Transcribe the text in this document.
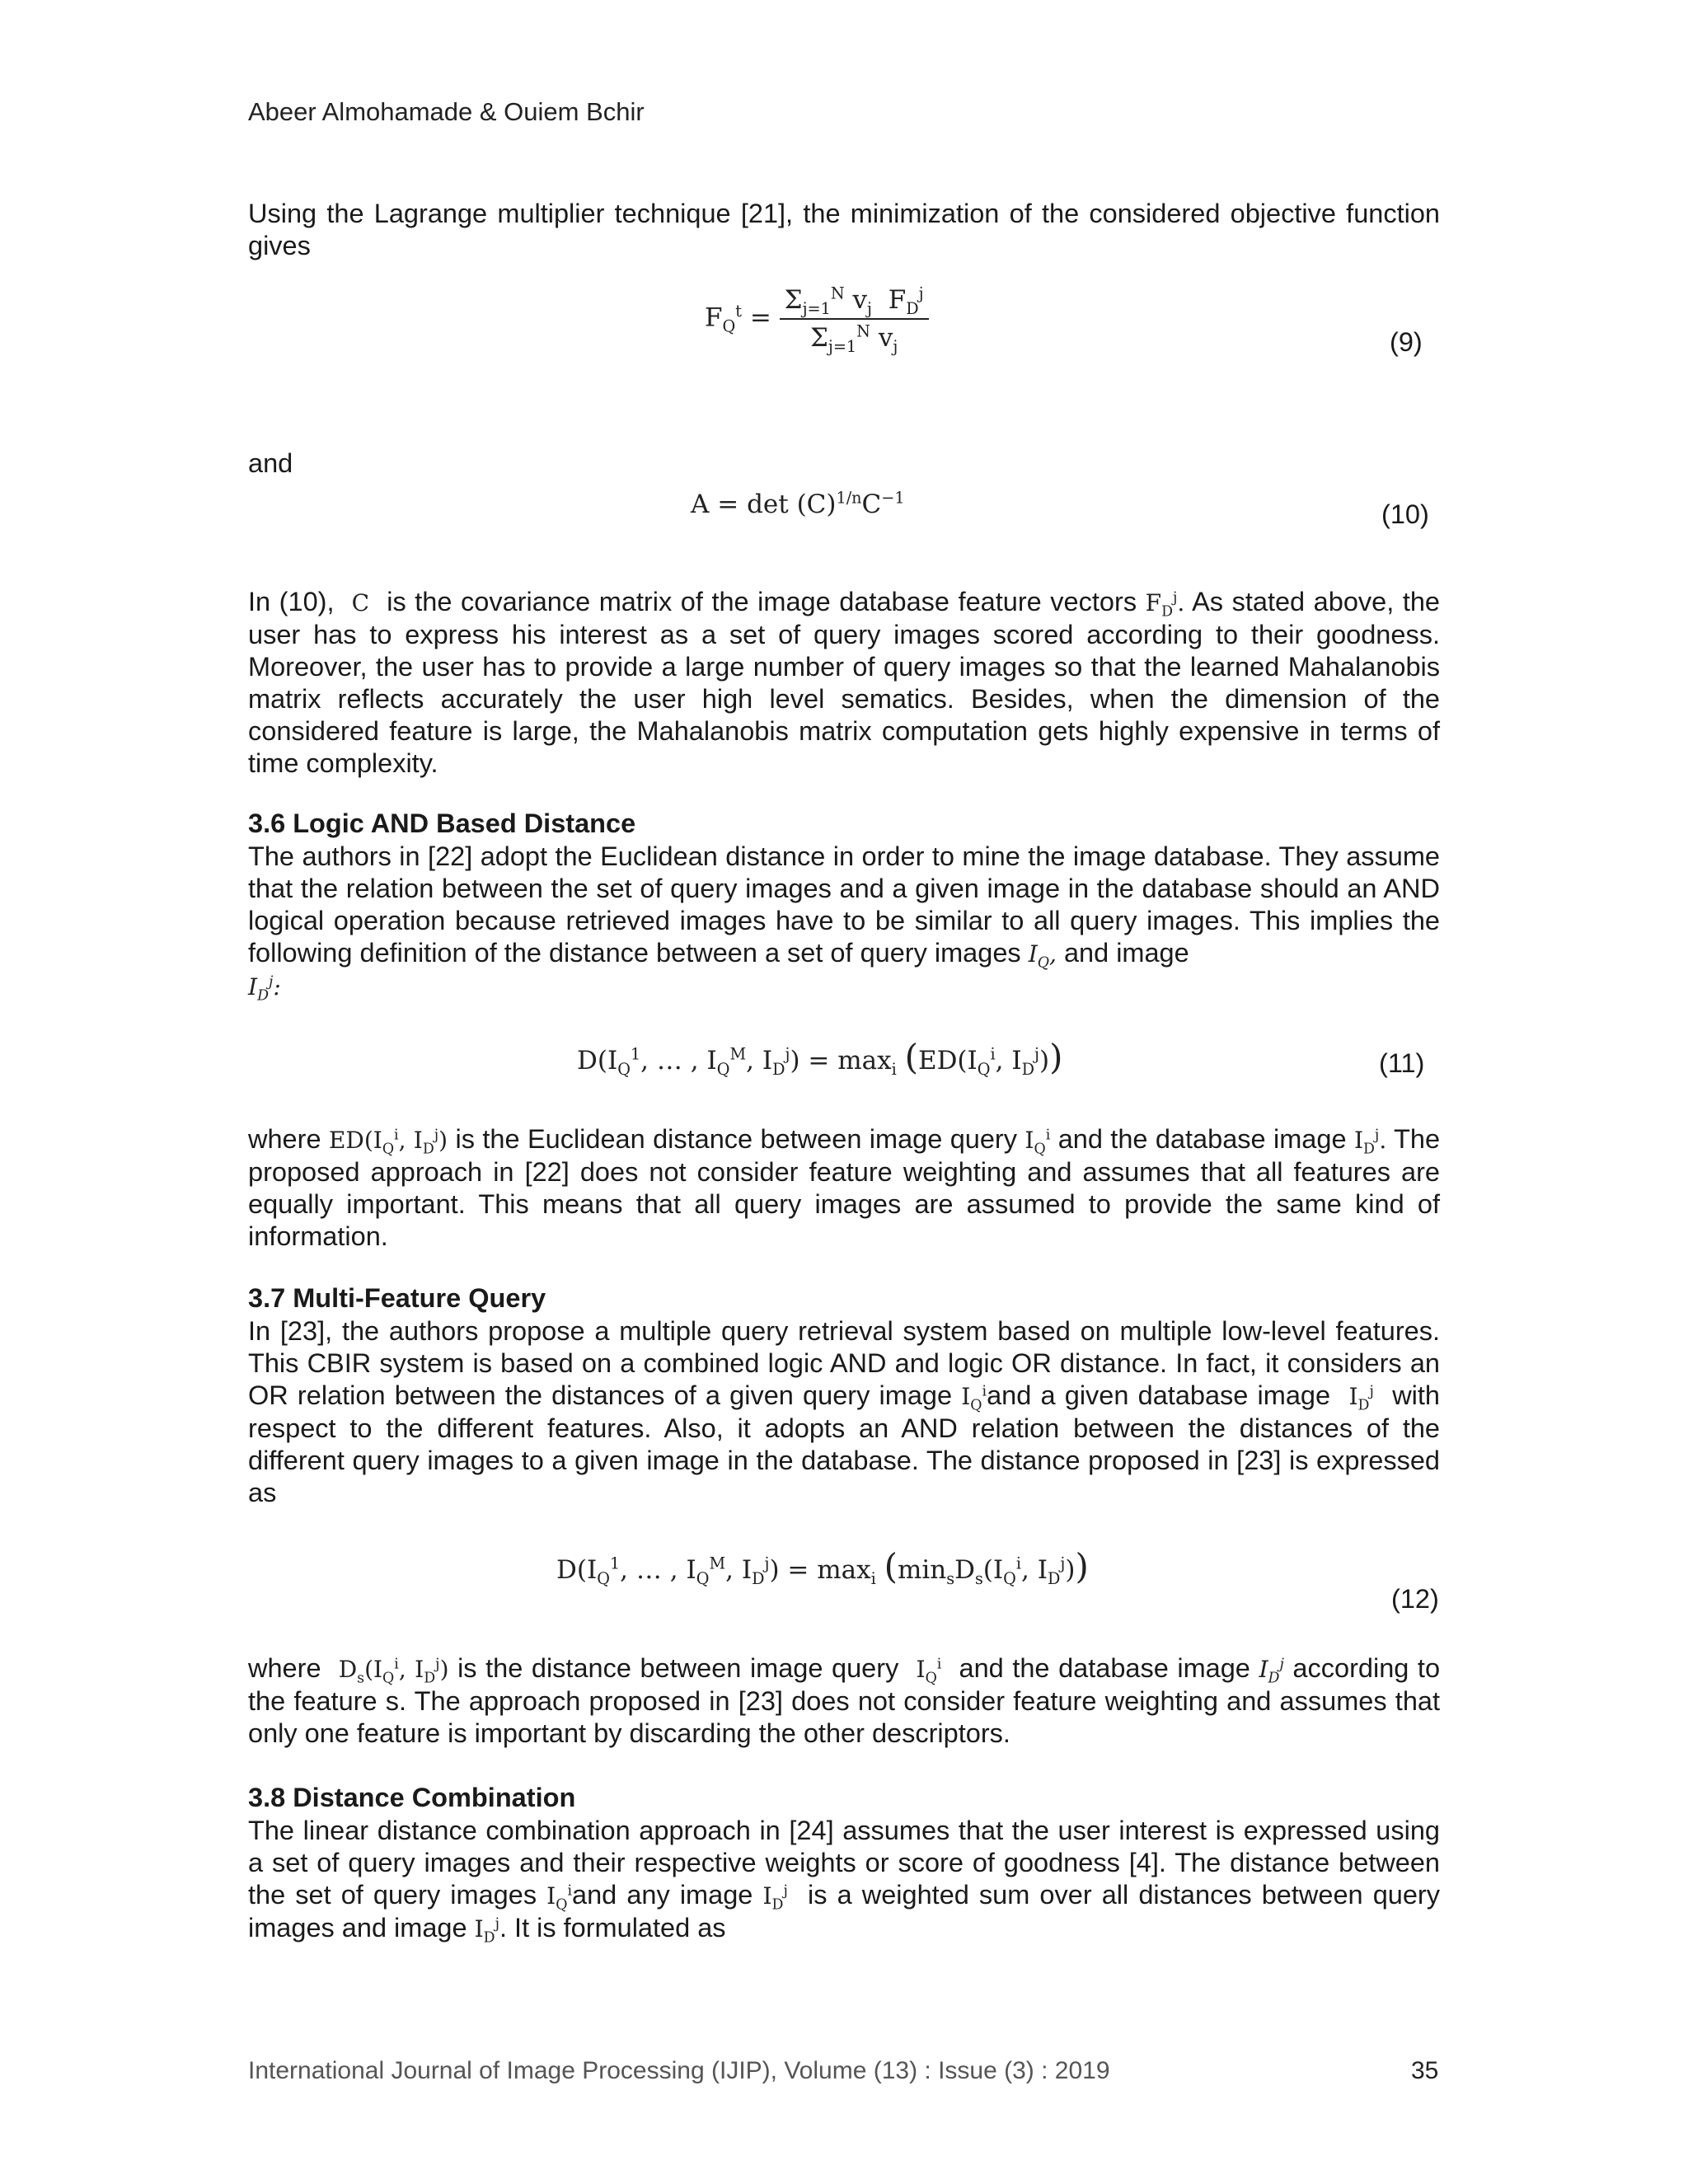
Abeer Almohamade & Ouiem Bchir
Using the Lagrange multiplier technique [21], the minimization of the considered objective function gives
$F_Q^t = \frac{\Sigma_{j=1}^N v_j F_D^j}{\Sigma_{j=1}^N v_j}$	(9)
and
$A = \det (C)^{1/n}C^{-1}$
(10)
In (10), C is the covariance matrix of the image database feature vectors $F_D^j$. As stated above, the user has to express his interest as a set of query images scored according to their goodness. Moreover, the user has to provide a large number of query images so that the learned Mahalanobis matrix reflects accurately the user high level sematics. Besides, when the dimension of the considered feature is large, the Mahalanobis matrix computation gets highly expensive in terms of time complexity.
3.6 Logic AND Based Distance
The authors in [22] adopt the Euclidean distance in order to mine the image database. They assume that the relation between the set of query images and a given image in the database should an AND logical operation because retrieved images have to be similar to all query images. This implies the following definition of the distance between a set of query images $I_Q$, and image
$I_D^j$:
$D(I_Q^1$, … , $I_Q^M$, $I_D^j) = \max_i (ED(I_Q^i$, $I_D^j$))	(11)
where $ED(I_Q^i$, $I_D^j$) is the Euclidean distance between image query $I_Q^i$ and the database image $I_D^j$. The proposed approach in [22] does not consider feature weighting and assumes that all features are equally important. This means that all query images are assumed to provide the same kind of information.
3.7 Multi-Feature Query
In [23], the authors propose a multiple query retrieval system based on multiple low-level features. This CBIR system is based on a combined logic AND and logic OR distance. In fact, it considers an OR relation between the distances of a given query image $I_Q^iand$ a given database image $I_D^j$ with respect to the different features. Also, it adopts an AND relation between the distances of the different query images to a given image in the database. The distance proposed in [23] is expressed as
$D(I_Q^1$, … , $I_Q^M$, $I_D^j) = \max_i (\min_sD_s(I_Q^i$, $I_D^j$))
(12)
where $D_s(I_Q^i$, $I_D^j$) is the distance between image query $I_Q^i$ and the database image $I_D^j$ according to the feature s. The approach proposed in [23] does not consider feature weighting and assumes that only one feature is important by discarding the other descriptors.
3.8 Distance Combination
The linear distance combination approach in [24] assumes that the user interest is expressed using a set of query images and their respective weights or score of goodness [4]. The distance between the set of query images $I_Q^iand$ any image $I_D^j$ is a weighted sum over all distances between query images and image $I_D^j$. It is formulated as
International Journal of Image Processing (IJIP), Volume (13) : Issue (3) : 2019	35
